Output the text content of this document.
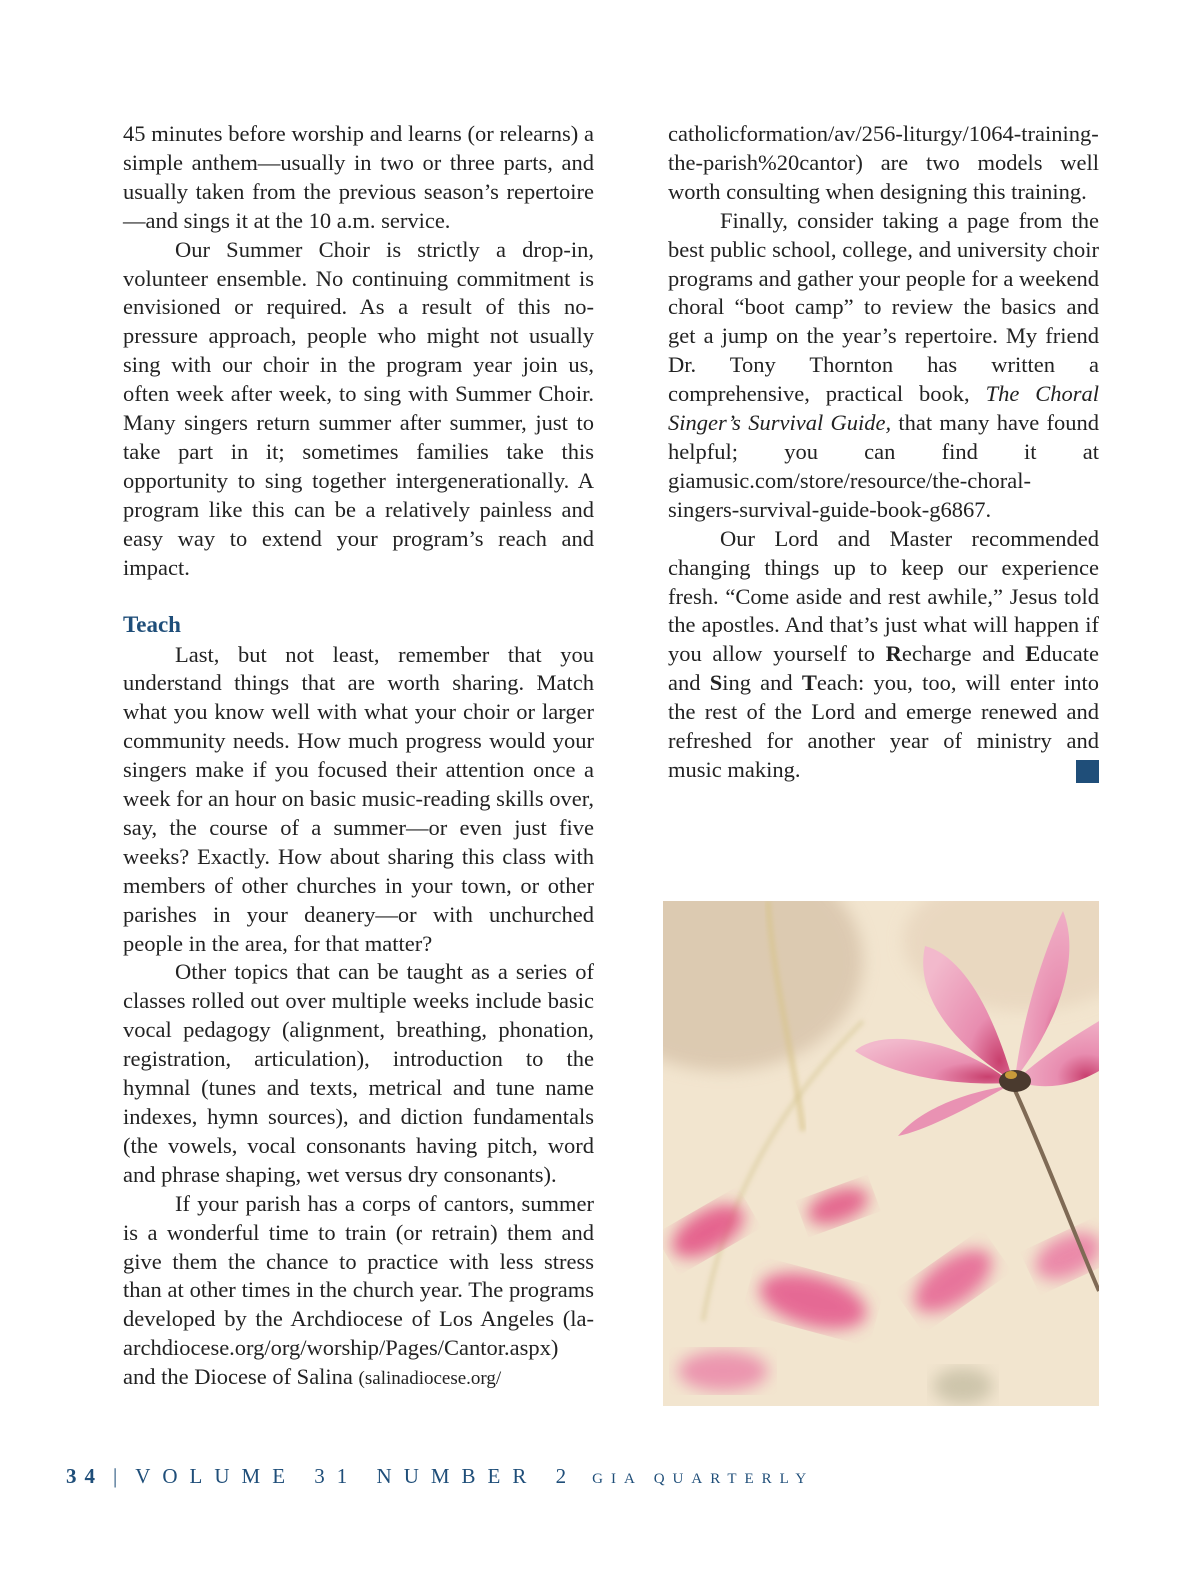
45 minutes before worship and learns (or relearns) a simple anthem—usually in two or three parts, and usually taken from the previous season’s repertoire—and sings it at the 10 a.m. service.

Our Summer Choir is strictly a drop-in, volunteer ensemble. No continuing commitment is envisioned or required. As a result of this no-pressure approach, people who might not usually sing with our choir in the program year join us, often week after week, to sing with Summer Choir. Many singers return summer after summer, just to take part in it; sometimes families take this opportunity to sing together intergenerationally. A program like this can be a relatively painless and easy way to extend your program’s reach and impact.

Teach

Last, but not least, remember that you understand things that are worth sharing. Match what you know well with what your choir or larger community needs. How much progress would your singers make if you focused their attention once a week for an hour on basic music-reading skills over, say, the course of a summer—or even just five weeks? Exactly. How about sharing this class with members of other churches in your town, or other parishes in your deanery—or with unchurched people in the area, for that matter?

Other topics that can be taught as a series of classes rolled out over multiple weeks include basic vocal pedagogy (alignment, breathing, phonation, registration, articulation), introduction to the hymnal (tunes and texts, metrical and tune name indexes, hymn sources), and diction fundamentals (the vowels, vocal consonants having pitch, word and phrase shaping, wet versus dry consonants).

If your parish has a corps of cantors, summer is a wonderful time to train (or retrain) them and give them the chance to practice with less stress than at other times in the church year. The programs developed by the Archdiocese of Los Angeles (la-archdiocese.org/org/worship/Pages/Cantor.aspx) and the Diocese of Salina (salinadiocese.org/

catholicformation/av/256-liturgy/1064-training-the-parish%20cantor) are two models well worth consulting when designing this training.

Finally, consider taking a page from the best public school, college, and university choir programs and gather your people for a weekend choral “boot camp” to review the basics and get a jump on the year’s repertoire. My friend Dr. Tony Thornton has written a comprehensive, practical book, The Choral Singer’s Survival Guide, that many have found helpful; you can find it at giamusic.com/store/resource/the-choral-singers-survival-guide-book-g6867.

Our Lord and Master recommended changing things up to keep our experience fresh. “Come aside and rest awhile,” Jesus told the apostles. And that’s just what will happen if you allow yourself to Recharge and Educate and Sing and Teach: you, too, will enter into the rest of the Lord and emerge renewed and refreshed for another year of ministry and music making.

34 | VOLUME 31 NUMBER 2 GIA QUARTERLY
